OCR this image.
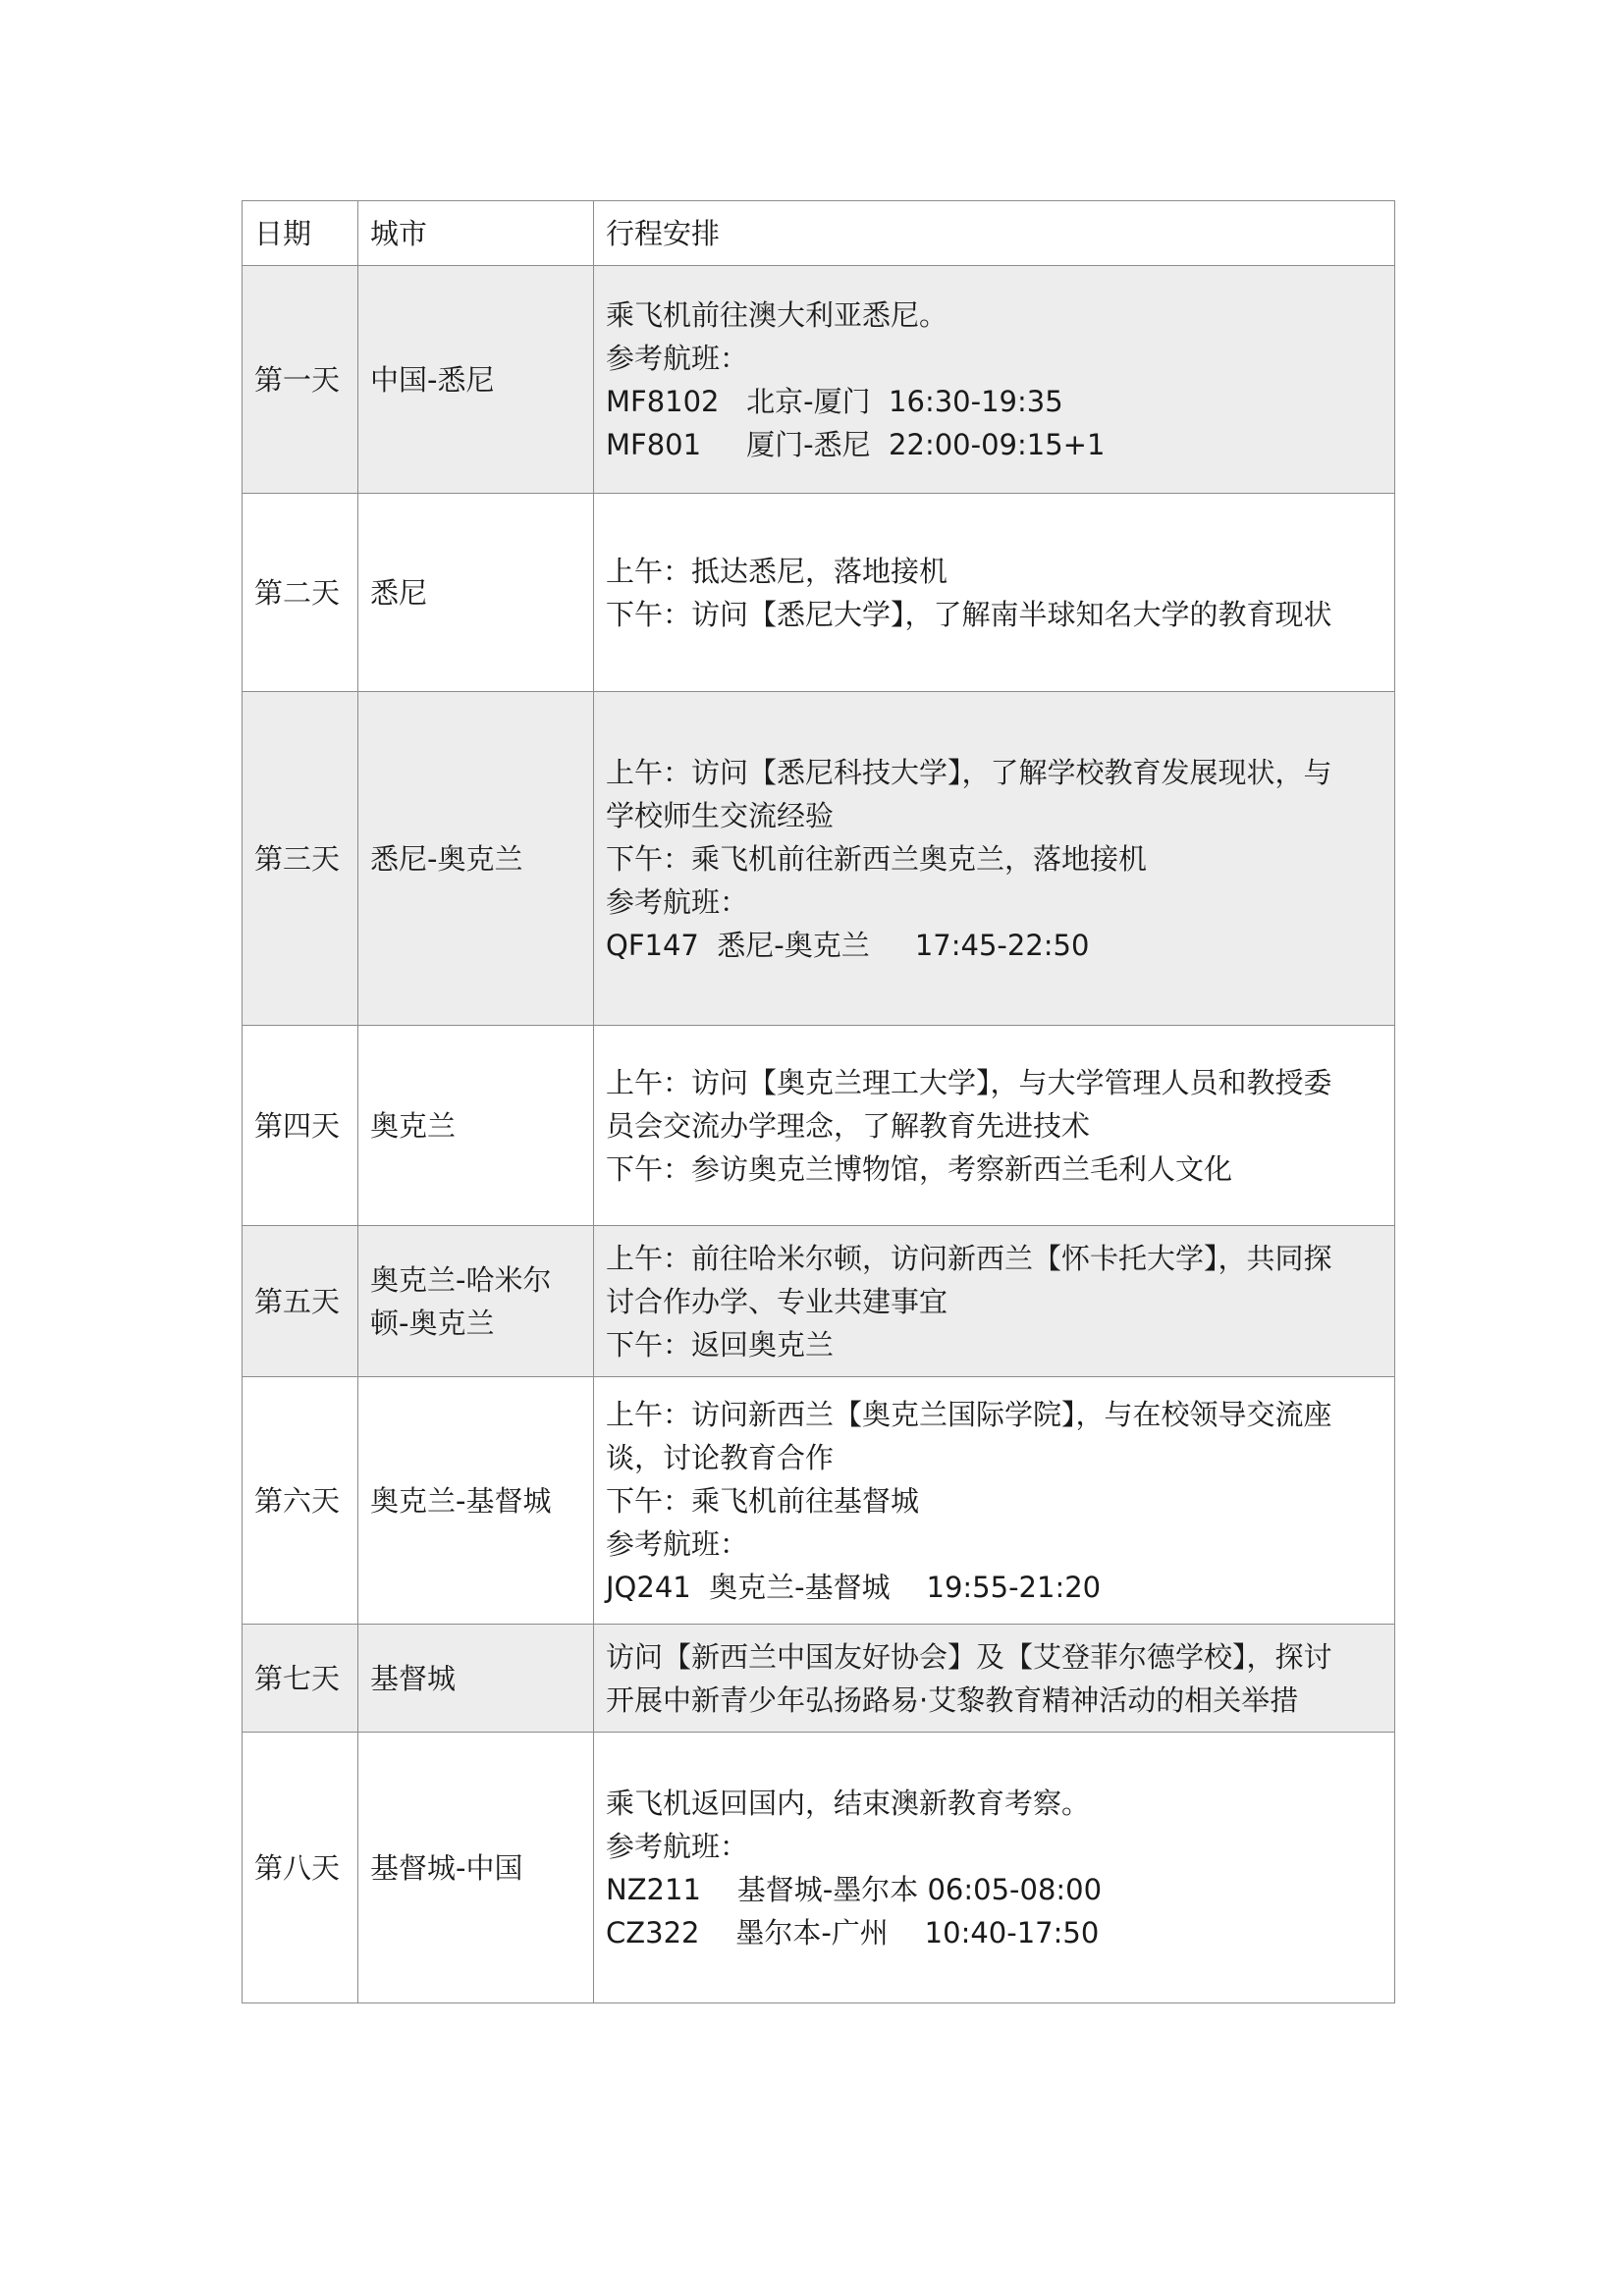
日期	城市	行程安排
第一天	中国-悉尼	乘飞机前往澳大利亚悉尼。
参考航班：
MF8102   北京-厦门  16:30-19:35
MF801     厦门-悉尼  22:00-09:15+1

第二天	悉尼	上午：抵达悉尼，落地接机
下午：访问【悉尼大学】，了解南半球知名大学的教育现状

第三天	悉尼-奥克兰	上午：访问【悉尼科技大学】，了解学校教育发展现状，与
学校师生交流经验
下午：乘飞机前往新西兰奥克兰，落地接机
参考航班：
QF147  悉尼-奥克兰     17:45-22:50

第四天	奥克兰	上午：访问【奥克兰理工大学】，与大学管理人员和教授委
员会交流办学理念，了解教育先进技术
下午：参访奥克兰博物馆，考察新西兰毛利人文化

第五天	奥克兰-哈米尔顿-奥克兰	上午：前往哈米尔顿，访问新西兰【怀卡托大学】，共同探
讨合作办学、专业共建事宜
下午：返回奥克兰

第六天	奥克兰-基督城	上午：访问新西兰【奥克兰国际学院】，与在校领导交流座
谈，讨论教育合作
下午：乘飞机前往基督城
参考航班：
JQ241  奥克兰-基督城    19:55-21:20

第七天	基督城	访问【新西兰中国友好协会】及【艾登菲尔德学校】，探讨
开展中新青少年弘扬路易·艾黎教育精神活动的相关举措

第八天	基督城-中国	乘飞机返回国内，结束澳新教育考察。
参考航班：
NZ211    基督城-墨尔本 06:05-08:00
CZ322    墨尔本-广州    10:40-17:50
